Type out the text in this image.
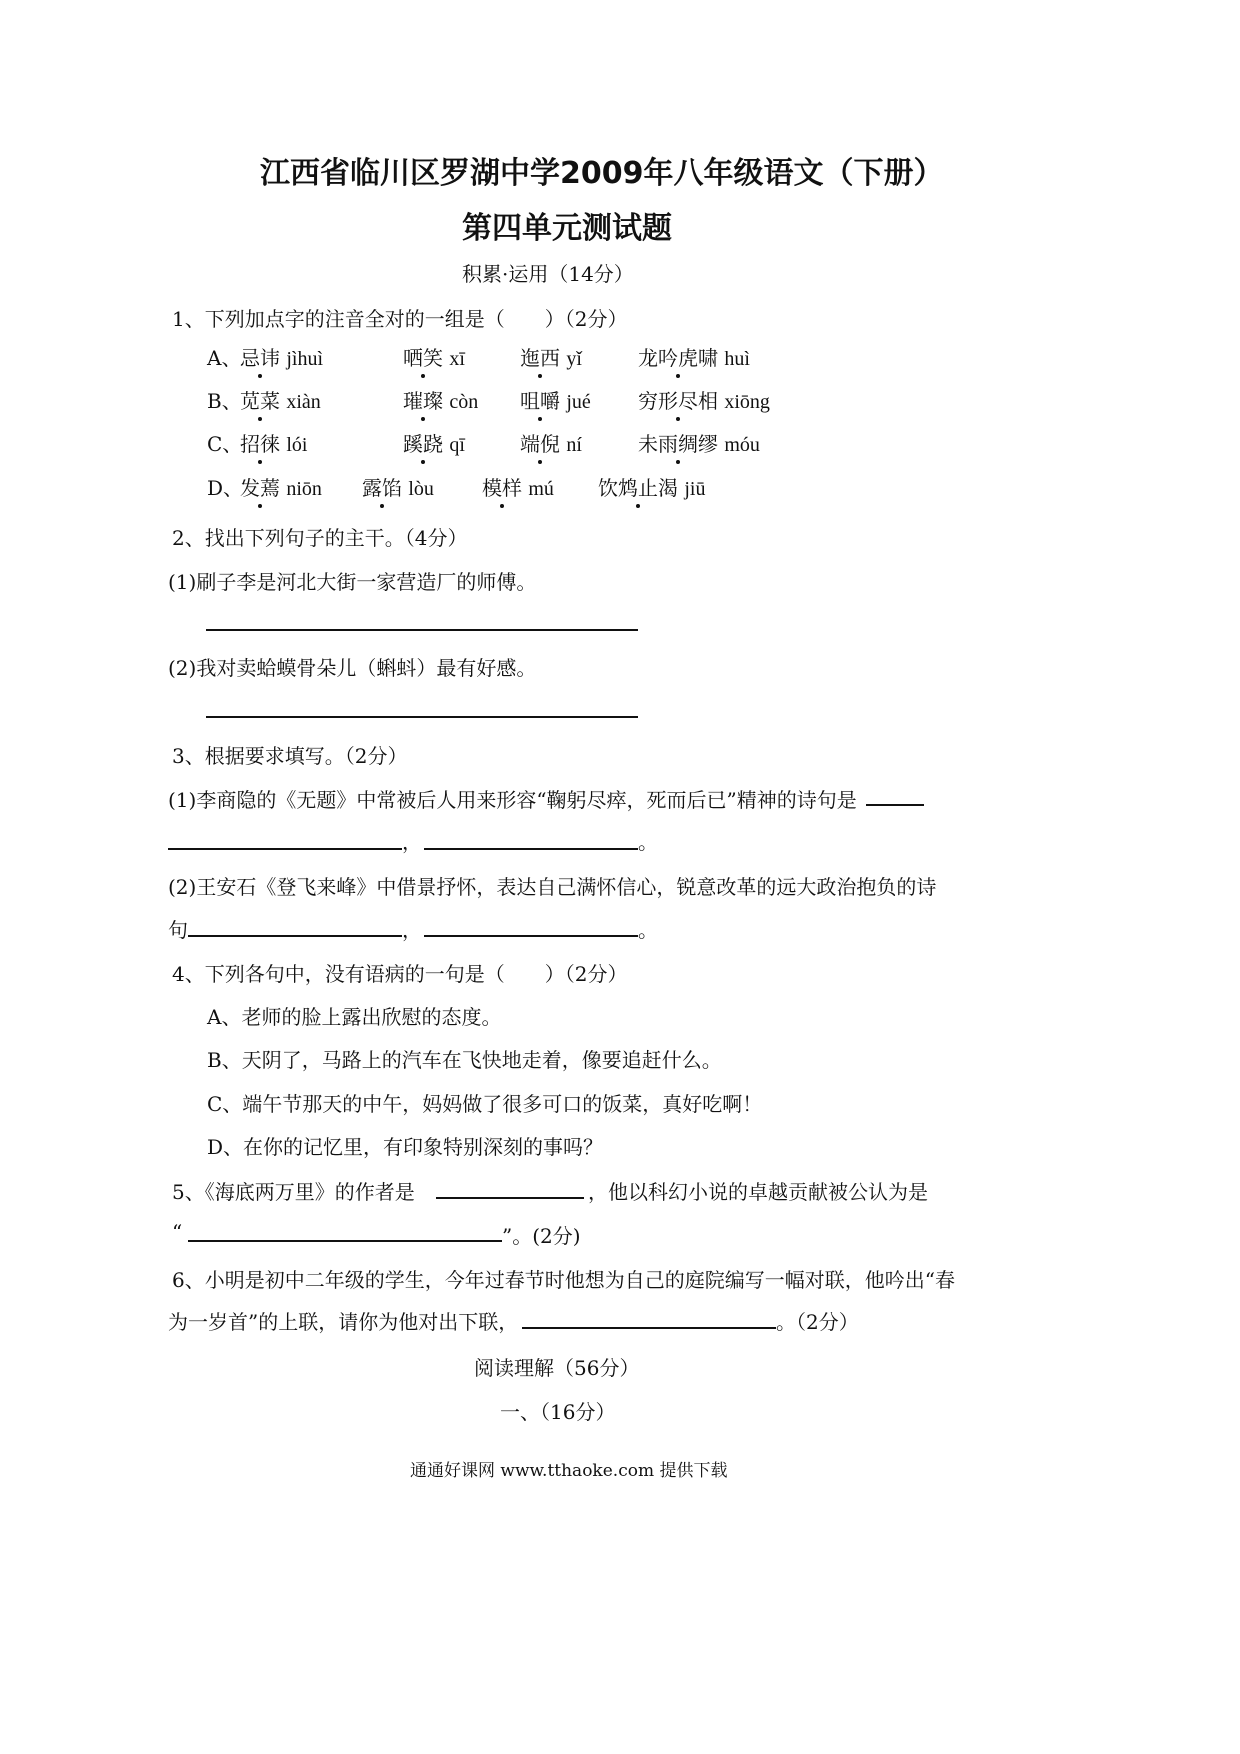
江西省临川区罗湖中学2009年八年级语文（下册）
第四单元测试题
积累·运用（14分）
1、下列加点字的注音全对的一组是（　　）（2分）
A、
忌讳 jìhuì	哂笑 xī	迤西 yǐ	龙吟虎啸 huì
B、
苋菜 xiàn	璀璨 còn 咀嚼 jué 穷形尽相 xiōng
C、
招徕 lói	蹊跷 qī	端倪 ní	未雨绸缪 móu
D、
发蔫 niōn 露馅 lòu 模样 mú 饮鸩止渴 jiū
2、找出下列句子的主干。（4分）
(1)刷子李是河北大街一家营造厂的师傅。
(2)我对卖蛤蟆骨朵儿（蝌蚪）最有好感。
3、根据要求填写。（2分）
(1)李商隐的《无题》中常被后人用来形容“鞠躬尽瘁，死而后已”精神的诗句是
，	。
(2)王安石《登飞来峰》中借景抒怀，表达自己满怀信心，锐意改革的远大政治抱负的诗
句	，	。
4、下列各句中，没有语病的一句是（　　）（2分）
A、老师的脸上露出欣慰的态度。
B、天阴了，马路上的汽车在飞快地走着，像要追赶什么。
C、端午节那天的中午，妈妈做了很多可口的饭菜，真好吃啊！
D、在你的记忆里，有印象特别深刻的事吗？
5、《海底两万里》的作者是	，他以科幻小说的卓越贡献被公认为是
“	”。(2分)
6、小明是初中二年级的学生，今年过春节时他想为自己的庭院编写一幅对联，他吟出“春
为一岁首”的上联，请你为他对出下联，	。（2分）
阅读理解（56分）
一、（16分）
通通好课网 www.tthaoke.com 提供下载
